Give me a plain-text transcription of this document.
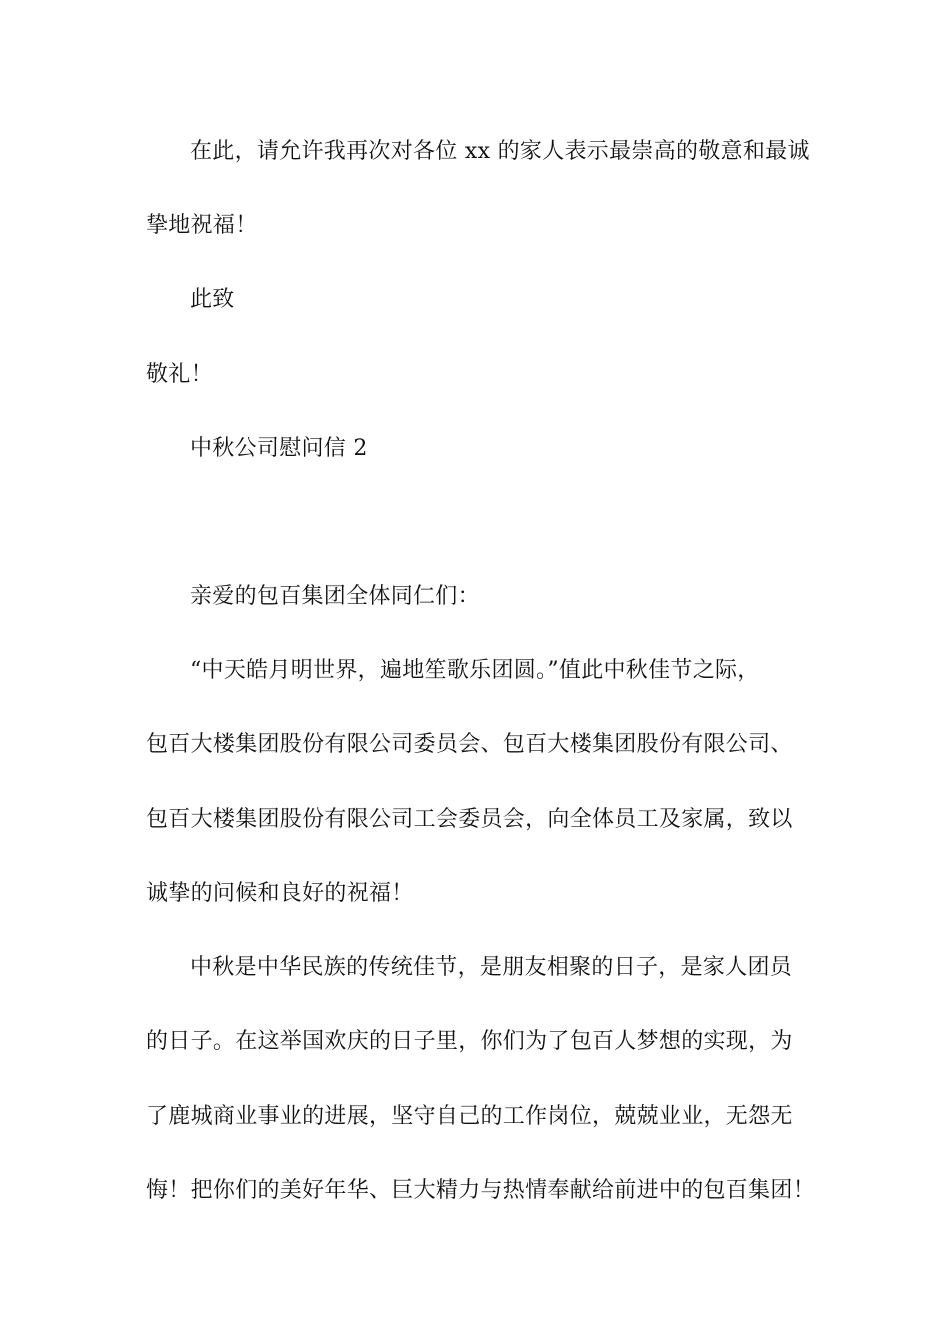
在此，请允许我再次对各位 xx 的家人表示最崇高的敬意和最诚
挚地祝福！
此致
敬礼！
中秋公司慰问信 2
亲爱的包百集团全体同仁们：
“中天皓月明世界，遍地笙歌乐团圆。”值此中秋佳节之际，
包百大楼集团股份有限公司委员会、包百大楼集团股份有限公司、
包百大楼集团股份有限公司工会委员会，向全体员工及家属，致以
诚挚的问候和良好的祝福！
中秋是中华民族的传统佳节，是朋友相聚的日子，是家人团员
的日子。在这举国欢庆的日子里，你们为了包百人梦想的实现，为
了鹿城商业事业的进展，坚守自己的工作岗位，兢兢业业，无怨无
悔！把你们的美好年华、巨大精力与热情奉献给前进中的包百集团！
